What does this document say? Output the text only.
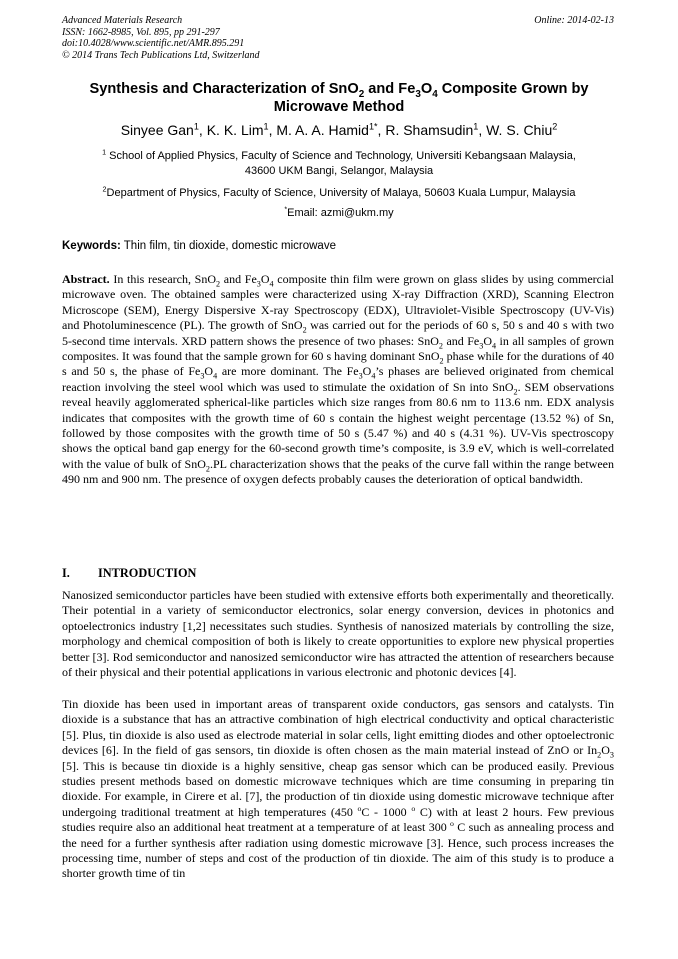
Advanced Materials Research
ISSN: 1662-8985, Vol. 895, pp 291-297
doi:10.4028/www.scientific.net/AMR.895.291
© 2014 Trans Tech Publications Ltd, Switzerland
Online: 2014-02-13
Synthesis and Characterization of SnO$_2$ and $Fe_3O_4$ Composite Grown by
Microwave Method
Sinyee Gan$^1$, K. K. Lim$^1$, M. A. A. Hamid$^{1*}$, R. Shamsudin$^1$, W. S. Chiu$^2$
$^1$ School of Applied Physics, Faculty of Science and Technology, Universiti Kebangsaan Malaysia,
43600 UKM Bangi, Selangor, Malaysia
$^2$Department of Physics, Faculty of Science, University of Malaya, 50603 Kuala Lumpur, Malaysia
*Email: azmi@ukm.my
Keywords: Thin film, tin dioxide, domestic microwave
Abstract. In this research, SnO$_2$ and $Fe_3O_4$ composite thin film were grown on glass slides by using commercial microwave oven. The obtained samples were characterized using X-ray Diffraction (XRD), Scanning Electron Microscope (SEM), Energy Dispersive X-ray Spectroscopy (EDX), Ultraviolet-Visible Spectroscopy (UV-Vis) and Photoluminescence (PL). The growth of SnO$_2$ was carried out for the periods of 60 s, 50 s and 40 s with two 5-second time intervals. XRD pattern shows the presence of two phases: SnO$_2$ and $Fe_3O_4$ in all samples of grown composites. It was found that the sample grown for 60 s having dominant SnO$_2$ phase while for the durations of 40 s and 50 s, the phase of $Fe_3O_4$ are more dominant. The $Fe_3O_4’s$ phases are believed originated from chemical reaction involving the steel wool which was used to stimulate the oxidation of Sn into SnO$_2$. SEM observations reveal heavily agglomerated spherical-like particles which size ranges from 80.6 nm to 113.6 nm. EDX analysis indicates that composites with the growth time of 60 s contain the highest weight percentage (13.52 %) of Sn, followed by those composites with the growth time of 50 s (5.47 %) and 40 s (4.31 %). UV-Vis spectroscopy shows the optical band gap energy for the 60-second growth time’s composite, is 3.9 eV, which is well-correlated with the value of bulk of SnO$_2$.PL characterization shows that the peaks of the curve fall within the range between 490 nm and 900 nm. The presence of oxygen defects probably causes the deterioration of optical bandwidth.
I. INTRODUCTION
Nanosized semiconductor particles have been studied with extensive efforts both experimentally and theoretically. Their potential in a variety of semiconductor electronics, solar energy conversion, devices in photonics and optoelectronics industry [1,2] necessitates such studies. Synthesis of nanosized materials by controlling the size, morphology and chemical composition of both is likely to create opportunities to explore new physical properties better [3]. Rod semiconductor and nanosized semiconductor wire has attracted the attention of researchers because of their physical and their potential applications in various electronic and photonic devices [4].
Tin dioxide has been used in important areas of transparent oxide conductors, gas sensors and catalysts. Tin dioxide is a substance that has an attractive combination of high electrical conductivity and optical characteristic [5]. Plus, tin dioxide is also used as electrode material in solar cells, light emitting diodes and other optoelectronic devices [6]. In the field of gas sensors, tin dioxide is often chosen as the main material instead of ZnO or $In_2O_3$ [5]. This is because tin dioxide is a highly sensitive, cheap gas sensor which can be produced easily. Previous studies present methods based on domestic microwave techniques which are time consuming in preparing tin dioxide. For example, in Cirere et al. [7], the production of tin dioxide using domestic microwave technique after undergoing traditional treatment at high temperatures (450 $^o$C - 1000 $^o$ C) with at least 2 hours. Few previous studies require also an additional heat treatment at a temperature of at least 300 $^o$ C such as annealing process and the need for a further synthesis after radiation using domestic microwave [3]. Hence, such process increases the processing time, number of steps and cost of the production of tin dioxide. The aim of this study is to produce a shorter growth time of tin
